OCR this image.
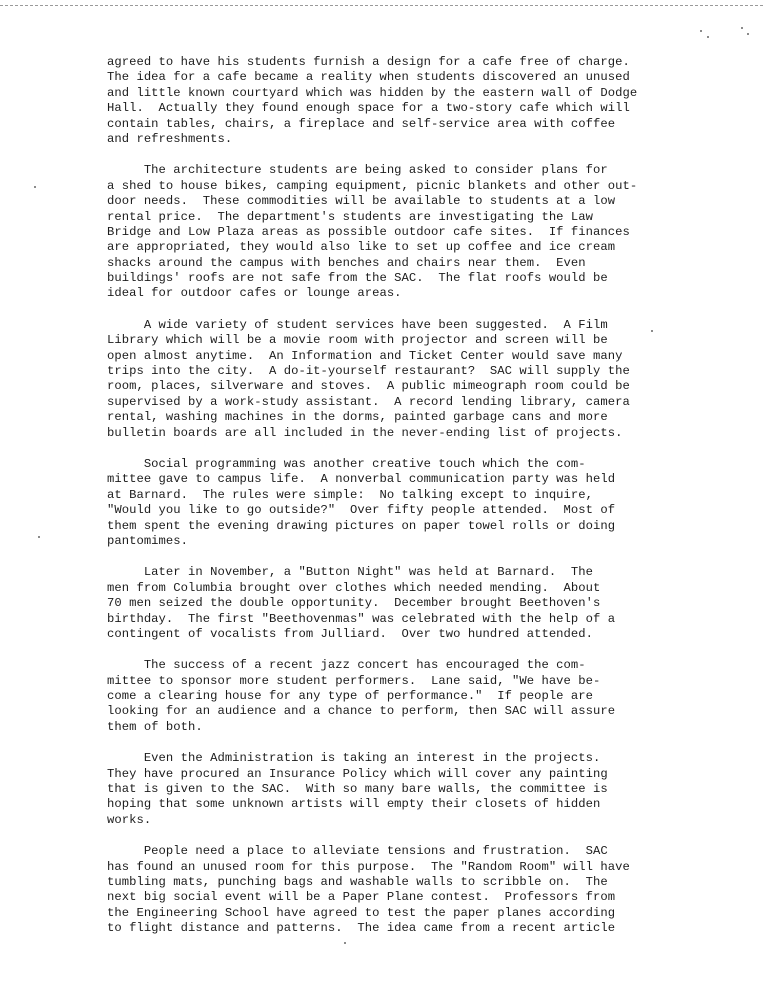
agreed to have his students furnish a design for a cafe free of charge.
The idea for a cafe became a reality when students discovered an unused
and little known courtyard which was hidden by the eastern wall of Dodge
Hall.  Actually they found enough space for a two-story cafe which will
contain tables, chairs, a fireplace and self-service area with coffee
and refreshments.
The architecture students are being asked to consider plans for
a shed to house bikes, camping equipment, picnic blankets and other out-
door needs.  These commodities will be available to students at a low
rental price.  The department's students are investigating the Law
Bridge and Low Plaza areas as possible outdoor cafe sites.  If finances
are appropriated, they would also like to set up coffee and ice cream
shacks around the campus with benches and chairs near them.  Even
buildings' roofs are not safe from the SAC.  The flat roofs would be
ideal for outdoor cafes or lounge areas.
A wide variety of student services have been suggested.  A Film
Library which will be a movie room with projector and screen will be
open almost anytime.  An Information and Ticket Center would save many
trips into the city.  A do-it-yourself restaurant?  SAC will supply the
room, places, silverware and stoves.  A public mimeograph room could be
supervised by a work-study assistant.  A record lending library, camera
rental, washing machines in the dorms, painted garbage cans and more
bulletin boards are all included in the never-ending list of projects.
Social programming was another creative touch which the com-
mittee gave to campus life.  A nonverbal communication party was held
at Barnard.  The rules were simple:  No talking except to inquire,
"Would you like to go outside?"  Over fifty people attended.  Most of
them spent the evening drawing pictures on paper towel rolls or doing
pantomimes.
Later in November, a "Button Night" was held at Barnard.  The
men from Columbia brought over clothes which needed mending.  About
70 men seized the double opportunity.  December brought Beethoven's
birthday.  The first "Beethovenmas" was celebrated with the help of a
contingent of vocalists from Julliard.  Over two hundred attended.
The success of a recent jazz concert has encouraged the com-
mittee to sponsor more student performers.  Lane said, "We have be-
come a clearing house for any type of performance."  If people are
looking for an audience and a chance to perform, then SAC will assure
them of both.
Even the Administration is taking an interest in the projects.
They have procured an Insurance Policy which will cover any painting
that is given to the SAC.  With so many bare walls, the committee is
hoping that some unknown artists will empty their closets of hidden
works.
People need a place to alleviate tensions and frustration.  SAC
has found an unused room for this purpose.  The "Random Room" will have
tumbling mats, punching bags and washable walls to scribble on.  The
next big social event will be a Paper Plane contest.  Professors from
the Engineering School have agreed to test the paper planes according
to flight distance and patterns.  The idea came from a recent article
